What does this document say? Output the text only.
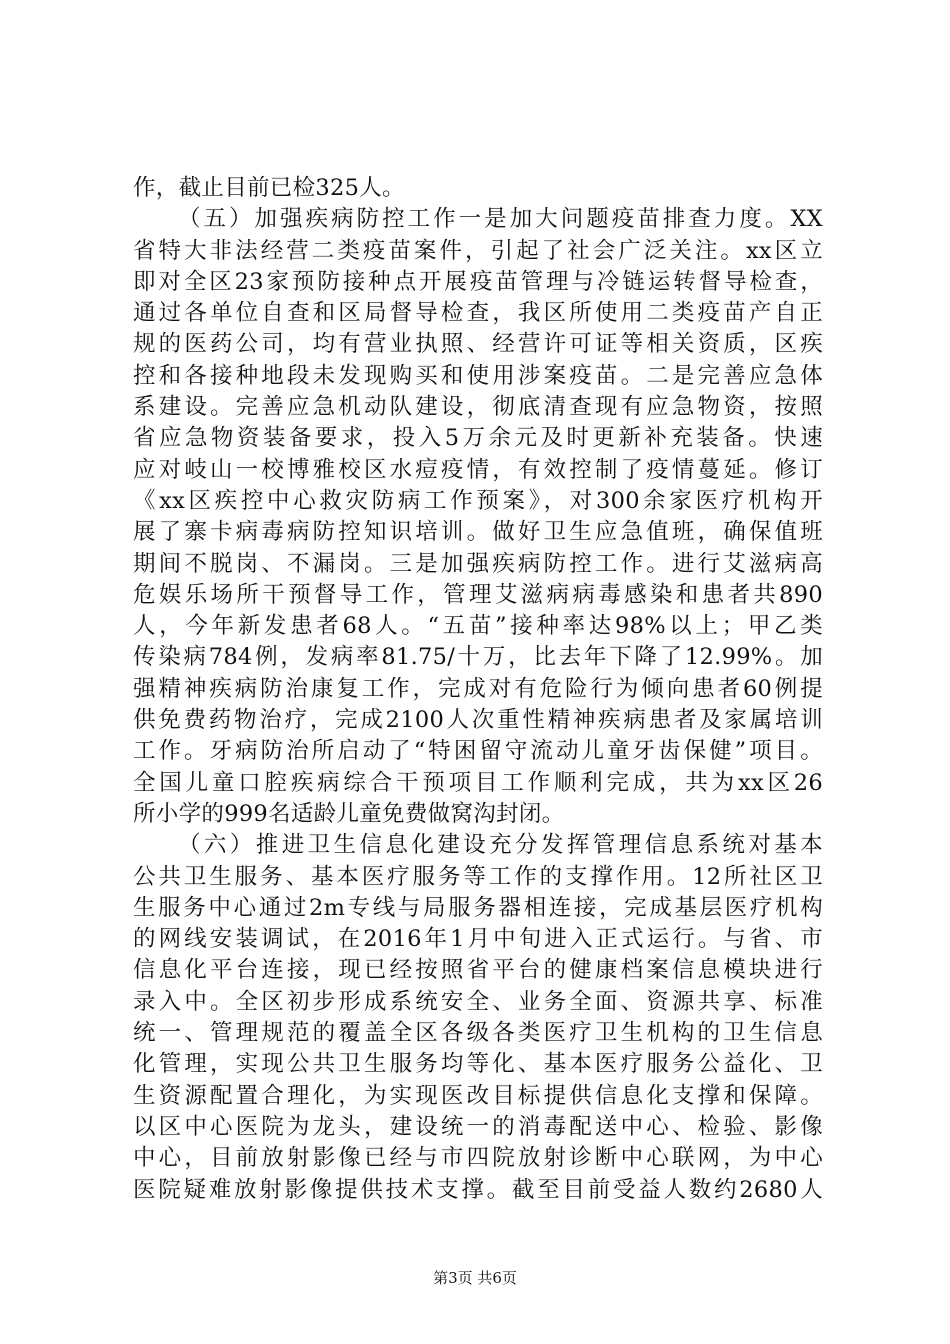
作，截止目前已检325人。
（五）加强疾病防控工作一是加大问题疫苗排查力度。XX
省特大非法经营二类疫苗案件，引起了社会广泛关注。xx区立
即对全区23家预防接种点开展疫苗管理与冷链运转督导检查，
通过各单位自查和区局督导检查，我区所使用二类疫苗产自正
规的医药公司，均有营业执照、经营许可证等相关资质，区疾
控和各接种地段未发现购买和使用涉案疫苗。二是完善应急体
系建设。完善应急机动队建设，彻底清查现有应急物资，按照
省应急物资装备要求，投入5万余元及时更新补充装备。快速
应对岐山一校博雅校区水痘疫情，有效控制了疫情蔓延。修订
《xx区疾控中心救灾防病工作预案》，对300余家医疗机构开
展了寨卡病毒病防控知识培训。做好卫生应急值班，确保值班
期间不脱岗、不漏岗。三是加强疾病防控工作。进行艾滋病高
危娱乐场所干预督导工作，管理艾滋病病毒感染和患者共890
人，今年新发患者68人。“五苗”接种率达98%以上；甲乙类
传染病784例，发病率81.75/十万，比去年下降了12.99%。加
强精神疾病防治康复工作，完成对有危险行为倾向患者60例提
供免费药物治疗，完成2100人次重性精神疾病患者及家属培训
工作。牙病防治所启动了“特困留守流动儿童牙齿保健”项目。
全国儿童口腔疾病综合干预项目工作顺利完成，共为xx区26
所小学的999名适龄儿童免费做窝沟封闭。
（六）推进卫生信息化建设充分发挥管理信息系统对基本
公共卫生服务、基本医疗服务等工作的支撑作用。12所社区卫
生服务中心通过2m专线与局服务器相连接，完成基层医疗机构
的网线安装调试，在2016年1月中旬进入正式运行。与省、市
信息化平台连接，现已经按照省平台的健康档案信息模块进行
录入中。全区初步形成系统安全、业务全面、资源共享、标准
统一、管理规范的覆盖全区各级各类医疗卫生机构的卫生信息
化管理，实现公共卫生服务均等化、基本医疗服务公益化、卫
生资源配置合理化，为实现医改目标提供信息化支撑和保障。
以区中心医院为龙头，建设统一的消毒配送中心、检验、影像
中心，目前放射影像已经与市四院放射诊断中心联网，为中心
医院疑难放射影像提供技术支撑。截至目前受益人数约2680人
第3页 共6页
